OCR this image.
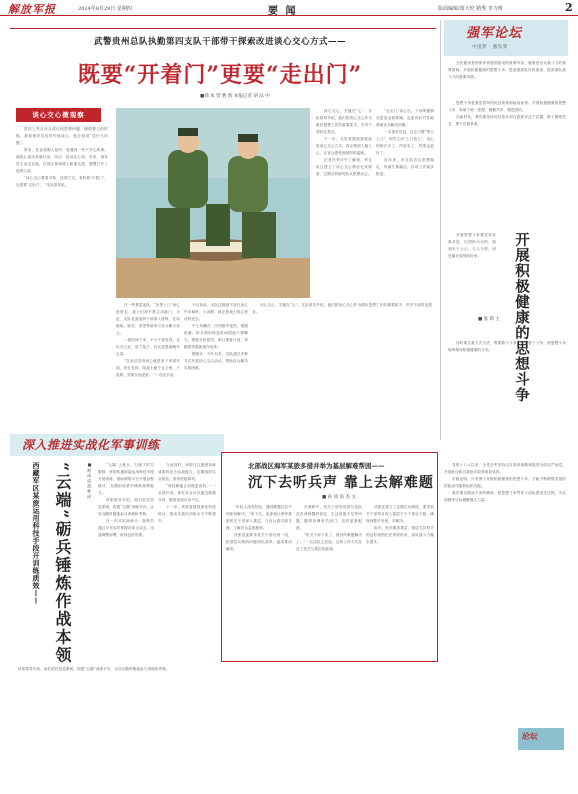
解放军报	2024年8月29日 星期四	要 闻	版面编辑/贾天伦 精秀 李力维	2
武警贵州总队执勤第四支队干部带干探索改进谈心交心方式——
既要“开着门”更要“走出门”
■徐 本 营 曹 辉 本报记者 胡 品 中
谈心交心微观察

曾经上等兵杜金成出现思想问题，刚做警卫的时候，我和指导员经常约他谈心，他总是说“没什么问题”。

原来，杜金成刚入伍时，曾遇到一些不开心的事，他担心说出来被议论，所以一直闷在心里。后来，指导员主动走近他，在营区林荫道上和他交流，慢慢打开了他的心扉。

“谈心交心要看对象、选准方式，有时候‘开着门’，还需要‘走出门’。”支队领导说。

在一些基层连队，“坐等上门”谈心是常态，战士们却不愿主动敲门。为此，支队党委组织干部深入班排，在训练场、宿舍、食堂等场所与官兵聊天谈心。

一段时间下来，不少干部发现，走出办公室、放下架子，官兵更愿意敞开心扉。

“以前总觉得谈心就是坐下来面对面，现在发现，陪战士跑个五公里、下盘棋，效果反而更好。”一名连长说。

不仅如此，支队还鼓励干部在谈心中多倾听，少说教，真正把战士的心里话听进去。

中士刘鹏在一次训练中受伤，情绪低落。排长利用休息时间陪他下棋聊天，帮他分析原因、制订康复计划，刘鹏很快重新振作起来。

据统计，今年以来，支队通过多种方式开展谈心交心活动，帮助官兵解决实际困难。

谈心交心，关键在“心”。支队领导介绍，他们把谈心交心作为做好思想工作的重要抓手，引导干部转变观念。

下一步，支队将继续探索改进谈心交心方式，真正做到入脑入心，让官兵感受到组织的温暖。

记者在采访中了解到，该支队还建立了谈心交心情况记录制度，定期分析研判官兵思想动态。

“走出门”谈心后，干部掌握情况更加全面准确，也更有针对性地帮助官兵解决问题。

一名指导员说，过去习惯“等人上门”，现在主动“上门找人”，谈心的频次多了，内容实了，效果也更好了。

近年来，该支队官兵思想稳定，内部关系融洽，各项工作稳步推进。

谈心交心，关键在“心”。支队领导介绍，他们把谈心交心作为做好思想工作的重要抓手，引导干部转变观念。

强军论坛
中国梦 · 强军梦

全民健身是国家体育强国建设的重要内容，健康是官兵战斗力的重要基础。开展积极健康的思想斗争，是加强部队作风建设、提高部队战斗力的重要举措。

思想斗争是我党我军的优良传统和政治优势。开展积极健康的思想斗争，有助于统一思想、凝聚共识、增进团结。

在新时代，我们要坚持用好批评和自我批评这个武器，敢于揭短亮丑，勇于自我革命。

开展积极健康的思想斗争
■ 张 新 主

开展思想斗争要坚持实事求是，以团结为目的，做到出于公心、与人为善，切忌搞无原则的纷争。

同时要注重方式方法，既要敢于斗争，又要善于斗争，使思想斗争始终保持积极健康的方向。

党的十八大以来，全党全军坚持以自我革命精神推进全面从严治党，开展批评和自我批评取得明显成效。

实践证明，只有勇于开展积极健康的思想斗争，才能不断增强党组织的政治功能和组织功能。

我们要以锲而不舍的精神，把思想斗争贯穿于部队建设全过程，为实现强军目标凝聚强大力量。

论坛
深入推进实战化军事训练
西藏军区某旅运用科技手段开训练质效—— “云端”砺兵锤炼作战本领	■ 黄 成 成 胡 梦 成	“云端”上练兵，打破了时空限制。该旅积极探索运用科技手段开展训练，借助网络平台开展远程研讨，在模拟场景中锤炼指挥能力。

该旅领导介绍，他们依托信息系统，构建“云端”训练平台，让官兵随时随地参与训练和考核。

在一次对抗演练中，指挥员通过平台实时掌握各单元动态，迅速调整部署，取得良好效果。

与此同时，该旅还注重把训练成果转化为实战能力，定期组织实兵检验，查找短板弱项。

“科技赋能让训练更高效。”一名营长说，现在官兵可以通过数据分析，精准找到自身不足。

下一步，该旅将继续深化科技练兵，推动实战化训练水平不断提升。

该旅领导介绍，他们依托信息系统，构建“云端”训练平台，让官兵随时随地参与训练和考核。

北部战区海军某旅多措并举为基层解难帮困——
沉下去听兵声 靠上去解难题
■ 孙 涛 高 杰 文

“年轻人没有经验，遇到难题往往不知如何解决。”前不久，北部战区海军某旅机关干部深入基层，与官兵面对面交流，了解官兵急难愁盼。

该旅党委要求机关干部沉到一线，把基层反映的问题列出清单，逐项推动解决。

在调研中，机关干部发现部分连队存在训练器材老化、生活设施不足等问题，随即协调有关部门，及时更新配备。

“机关干部下来了，我们的难题解决了。”一名连队主官说，这种工作方式拉近了机关与基层的距离。

该旅还建立了定期走访制度，要求机关干部每月深入基层不少于规定天数，确保问题早发现、早解决。

如今，机关服务基层、基层支持机关的良好氛围正在该旅形成，部队战斗力稳步提升。
